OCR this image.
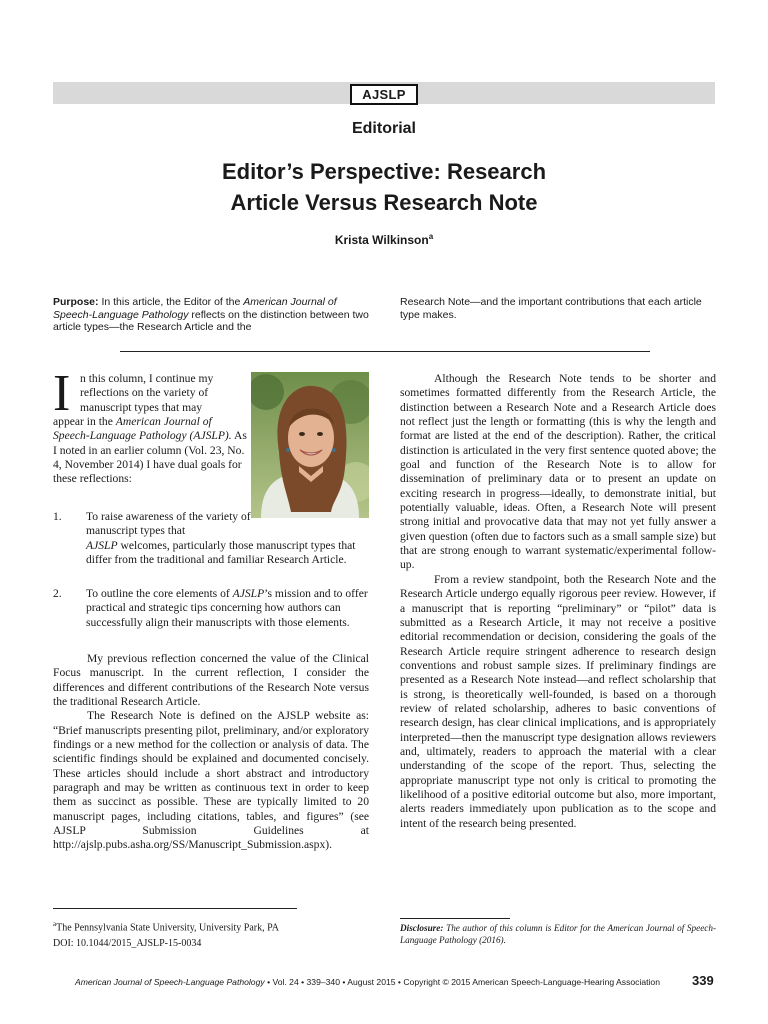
AJSLP
Editorial
Editor’s Perspective: Research
Article Versus Research Note
Krista Wilkinson$^a$
Purpose: In this article, the Editor of the American Journal of Speech-Language Pathology reflects on the distinction between two article types—the Research Article and the
Research Note—and the important contributions that each article type makes.
I n this column, I continue my reflections on the variety of manuscript types that may
appear in the American Journal of Speech-Language Pathology (AJSLP). As I noted in an earlier column (Vol. 23, No. 4, November 2014) I have dual goals for these reflections:
1. To raise awareness of the variety of manuscript types that
AJSLP welcomes, particularly those manuscript types that differ from the traditional and familiar Research Article.
2. To outline the core elements of AJSLP’s mission and to offer practical and strategic tips concerning how authors can successfully align their manuscripts with those elements.

My previous reflection concerned the value of the Clinical Focus manuscript. In the current reflection, I consider the differences and different contributions of the Research Note versus the traditional Research Article.

The Research Note is defined on the AJSLP website as: “Brief manuscripts presenting pilot, preliminary, and/or exploratory findings or a new method for the collection or analysis of data. The scientific findings should be explained and documented concisely. These articles should include a short abstract and introductory paragraph and may be written as continuous text in order to keep them as succinct as possible. These are typically limited to 20 manuscript pages, including citations, tables, and figures” (see AJSLP Submission Guidelines at http://ajslp.pubs.asha.org/SS/Manuscript_Submission.aspx).

Although the Research Note tends to be shorter and sometimes formatted differently from the Research Article, the distinction between a Research Note and a Research Article does not reflect just the length or formatting (this is why the length and format are listed at the end of the description). Rather, the critical distinction is articulated in the very first sentence quoted above; the goal and function of the Research Note is to allow for dissemination of preliminary data or to present an update on exciting research in progress—ideally, to demonstrate initial, but potentially valuable, ideas. Often, a Research Note will present strong initial and provocative data that may not yet fully answer a given question (often due to factors such as a small sample size) but that are strong enough to warrant systematic/experimental follow-up.

From a review standpoint, both the Research Note and the Research Article undergo equally rigorous peer review. However, if a manuscript that is reporting “preliminary” or “pilot” data is submitted as a Research Article, it may not receive a positive editorial recommendation or decision, considering the goals of the Research Article require stringent adherence to research design conventions and robust sample sizes. If preliminary findings are presented as a Research Note instead—and reflect scholarship that is strong, is theoretically well-founded, is based on a thorough review of related scholarship, adheres to basic conventions of research design, has clear clinical implications, and is appropriately interpreted—then the manuscript type designation allows reviewers and, ultimately, readers to approach the material with a clear understanding of the scope of the report. Thus, selecting the appropriate manuscript type not only is critical to promoting the likelihood of a positive editorial outcome but also, more important, alerts readers immediately upon publication as to the scope and intent of the research being presented.

$^a$The Pennsylvania State University, University Park, PA
DOI: 10.1044/2015_AJSLP-15-0034
Disclosure: The author of this column is Editor for the American Journal of Speech-Language Pathology (2016).
American Journal of Speech-Language Pathology • Vol. 24 • 339–340 • August 2015 • Copyright © 2015 American Speech-Language-Hearing Association 339
